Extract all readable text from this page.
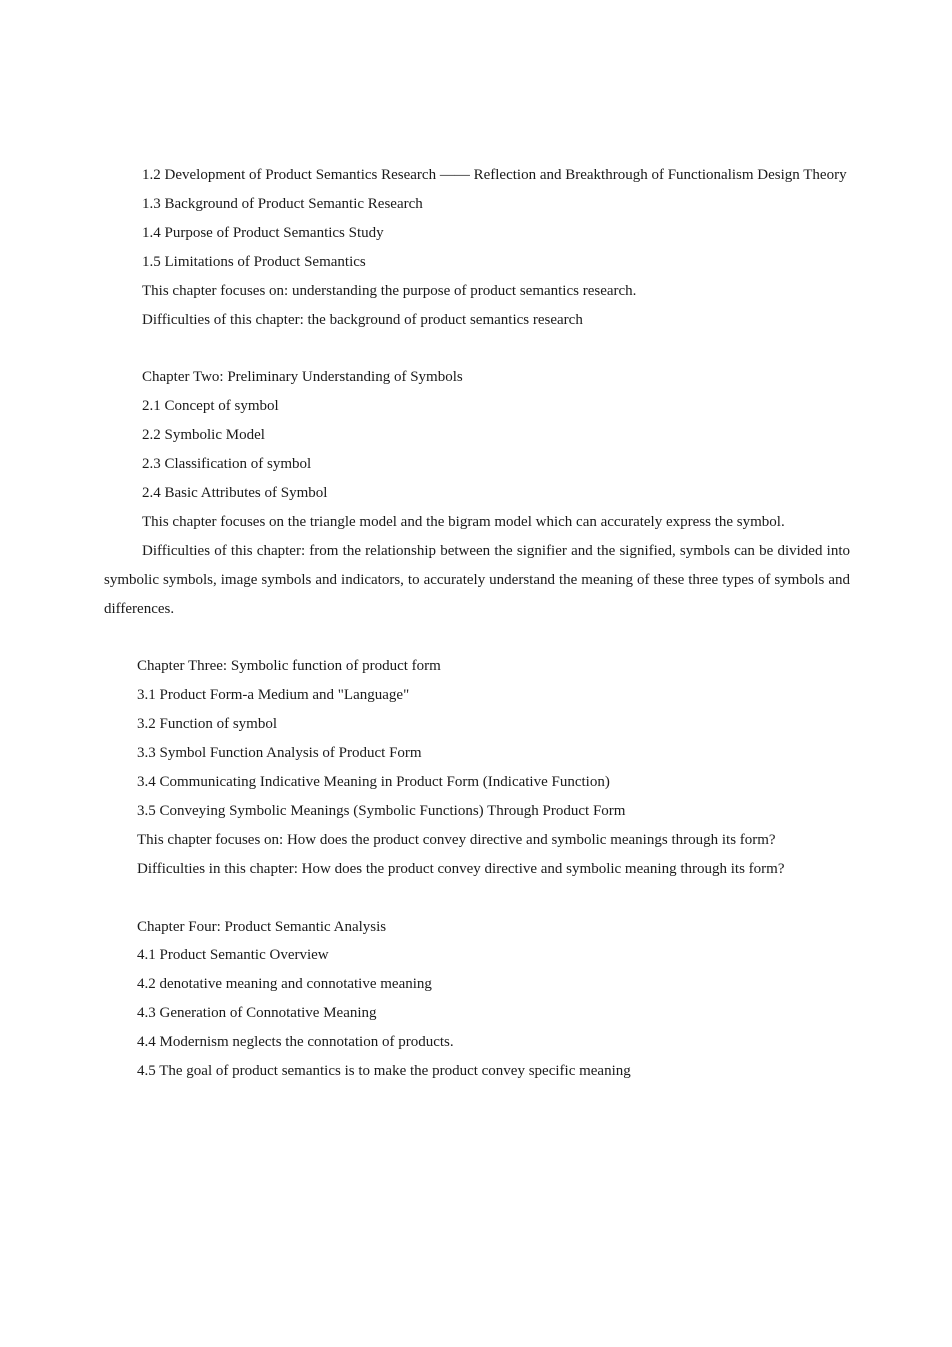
1.2 Development of Product Semantics Research —— Reflection and Breakthrough of Functionalism Design Theory

1.3 Background of Product Semantic Research

1.4 Purpose of Product Semantics Study

1.5 Limitations of Product Semantics

This chapter focuses on: understanding the purpose of product semantics research.

Difficulties of this chapter: the background of product semantics research

Chapter Two: Preliminary Understanding of Symbols

2.1 Concept of symbol

2.2 Symbolic Model

2.3 Classification of symbol

2.4 Basic Attributes of Symbol

This chapter focuses on the triangle model and the bigram model which can accurately express the symbol.

Difficulties of this chapter: from the relationship between the signifier and the signified, symbols can be divided into symbolic symbols, image symbols and indicators, to accurately understand the meaning of these three types of symbols and differences.

Chapter Three: Symbolic function of product form

3.1 Product Form-a Medium and "Language"

3.2 Function of symbol

3.3 Symbol Function Analysis of Product Form

3.4 Communicating Indicative Meaning in Product Form (Indicative Function)

3.5 Conveying Symbolic Meanings (Symbolic Functions) Through Product Form

This chapter focuses on: How does the product convey directive and symbolic meanings through its form?

Difficulties in this chapter: How does the product convey directive and symbolic meaning through its form?

Chapter Four: Product Semantic Analysis

4.1 Product Semantic Overview

4.2 denotative meaning and connotative meaning

4.3 Generation of Connotative Meaning

4.4 Modernism neglects the connotation of products.

4.5 The goal of product semantics is to make the product convey specific meaning
